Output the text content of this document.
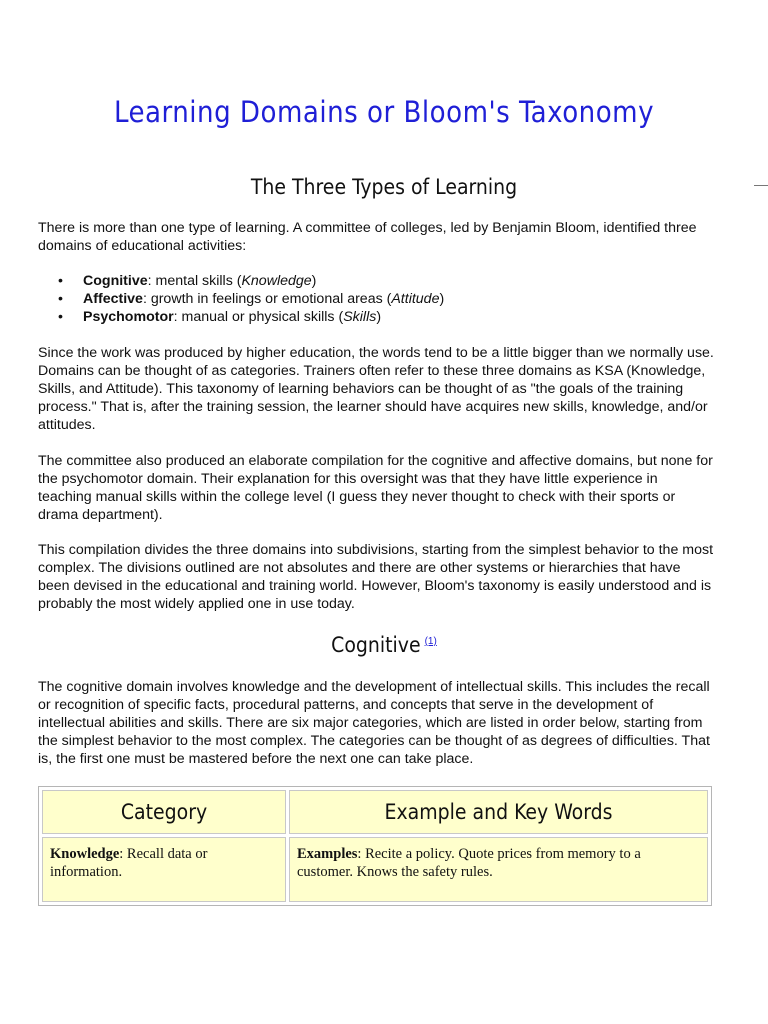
Learning Domains or Bloom's Taxonomy
The Three Types of Learning

There is more than one type of learning. A committee of colleges, led by Benjamin Bloom, identified three domains of educational activities:

• Cognitive: mental skills (Knowledge)
• Affective: growth in feelings or emotional areas (Attitude)
• Psychomotor: manual or physical skills (Skills)

Since the work was produced by higher education, the words tend to be a little bigger than we normally use. Domains can be thought of as categories. Trainers often refer to these three domains as KSA (Knowledge, Skills, and Attitude). This taxonomy of learning behaviors can be thought of as "the goals of the training process." That is, after the training session, the learner should have acquires new skills, knowledge, and/or attitudes.

The committee also produced an elaborate compilation for the cognitive and affective domains, but none for the psychomotor domain. Their explanation for this oversight was that they have little experience in teaching manual skills within the college level (I guess they never thought to check with their sports or drama department).

This compilation divides the three domains into subdivisions, starting from the simplest behavior to the most complex. The divisions outlined are not absolutes and there are other systems or hierarchies that have been devised in the educational and training world. However, Bloom's taxonomy is easily understood and is probably the most widely applied one in use today.

Cognitive $^{(1)}$

The cognitive domain involves knowledge and the development of intellectual skills. This includes the recall or recognition of specific facts, procedural patterns, and concepts that serve in the development of intellectual abilities and skills. There are six major categories, which are listed in order below, starting from the simplest behavior to the most complex. The categories can be thought of as degrees of difficulties. That is, the first one must be mastered before the next one can take place.

Category	Example and Key Words
Knowledge: Recall data or information.	Examples: Recite a policy. Quote prices from memory to a customer. Knows the safety rules.
